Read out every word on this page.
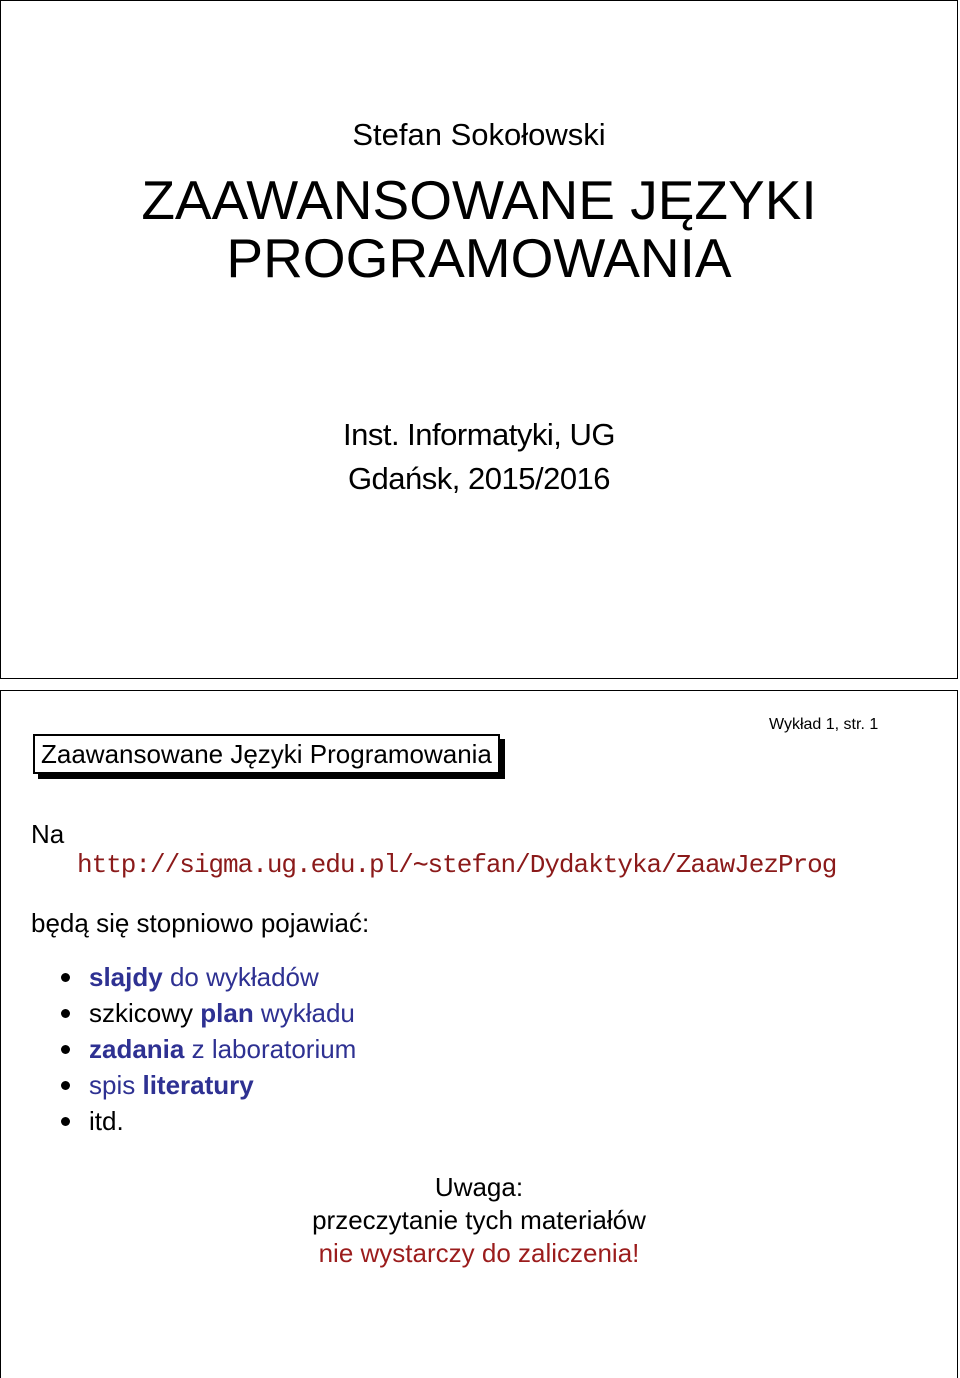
Stefan Sokołowski
ZAAWANSOWANE JĘZYKI
PROGRAMOWANIA
Inst. Informatyki, UG
Gdańsk, 2015/2016
Zaawansowane Języki Programowania
Wykład 1, str. 1
Na
http://sigma.ug.edu.pl/∼stefan/Dydaktyka/ZaawJezProg
będą się stopniowo pojawiać:
slajdy do wykładów
szkicowy plan wykładu
zadania z laboratorium
spis literatury
itd.
Uwaga:
przeczytanie tych materiałów
nie wystarczy do zaliczenia!
